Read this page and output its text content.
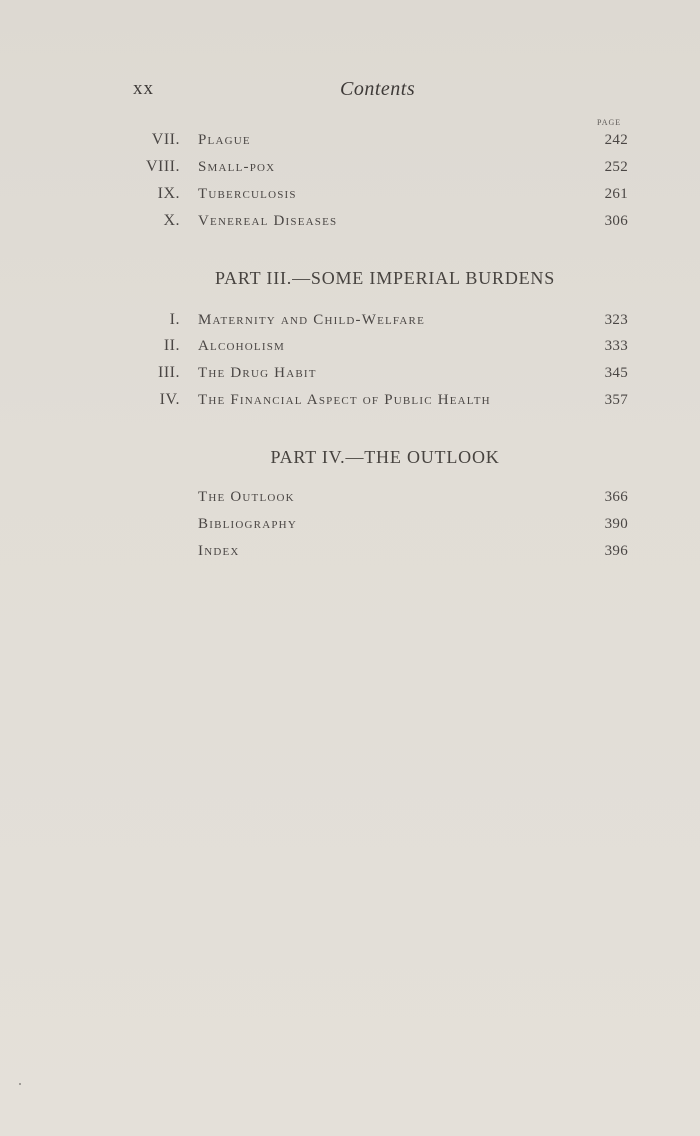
xx	Contents
PAGE
VII. Plague	242
VIII. Small-pox	252
IX. Tuberculosis	261
X. Venereal Diseases	306
PART III.—SOME IMPERIAL BURDENS
I. Maternity and Child-Welfare	323
II. Alcoholism	333
III. The Drug Habit	345
IV. The Financial Aspect of Public Health	357
PART IV.—THE OUTLOOK
The Outlook	366
Bibliography	390
Index	396
